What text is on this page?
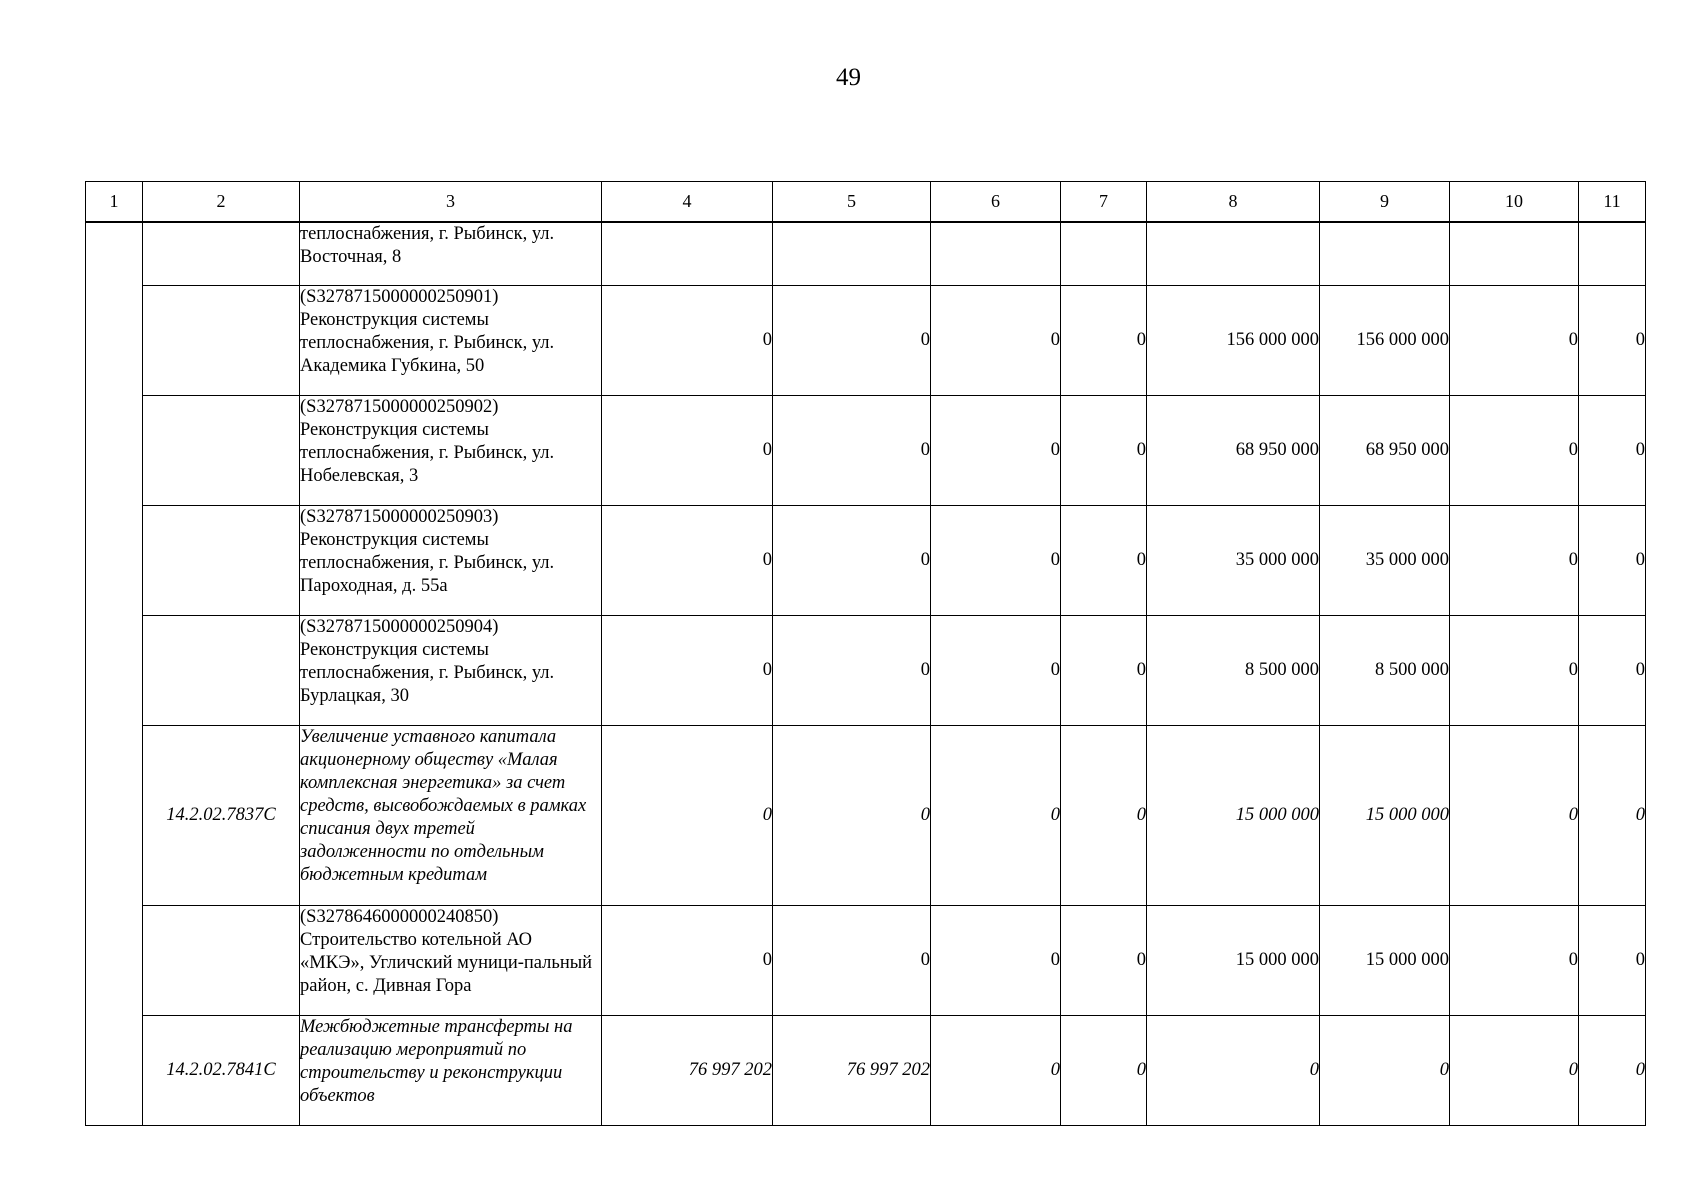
49
1	2	3	4	5	6	7	8	9	10	11
		теплоснабжения, г. Рыбинск, ул. Восточная, 8								
		(S3278715000000250901) Реконструкция системы теплоснабжения, г. Рыбинск, ул. Академика Губкина, 50	0	0	0	0	156 000 000	156 000 000	0	0
		(S3278715000000250902) Реконструкция системы теплоснабжения, г. Рыбинск, ул. Нобелевская, 3	0	0	0	0	68 950 000	68 950 000	0	0
		(S3278715000000250903) Реконструкция системы теплоснабжения, г. Рыбинск, ул. Пароходная, д. 55а	0	0	0	0	35 000 000	35 000 000	0	0
		(S3278715000000250904) Реконструкция системы теплоснабжения, г. Рыбинск, ул. Бурлацкая, 30	0	0	0	0	8 500 000	8 500 000	0	0
	14.2.02.7837С	Увеличение уставного капитала акционерному обществу «Малая комплексная энергетика» за счет средств, высвобождаемых в рамках списания двух третей задолженности по отдельным бюджетным кредитам	0	0	0	0	15 000 000	15 000 000	0	0
		(S3278646000000240850) Строительство котельной АО «МКЭ», Угличский муници-пальный район, с. Дивная Гора	0	0	0	0	15 000 000	15 000 000	0	0
	14.2.02.7841С	Межбюджетные трансферты на реализацию мероприятий по строительству и реконструкции объектов	76 997 202	76 997 202	0	0	0	0	0	0
